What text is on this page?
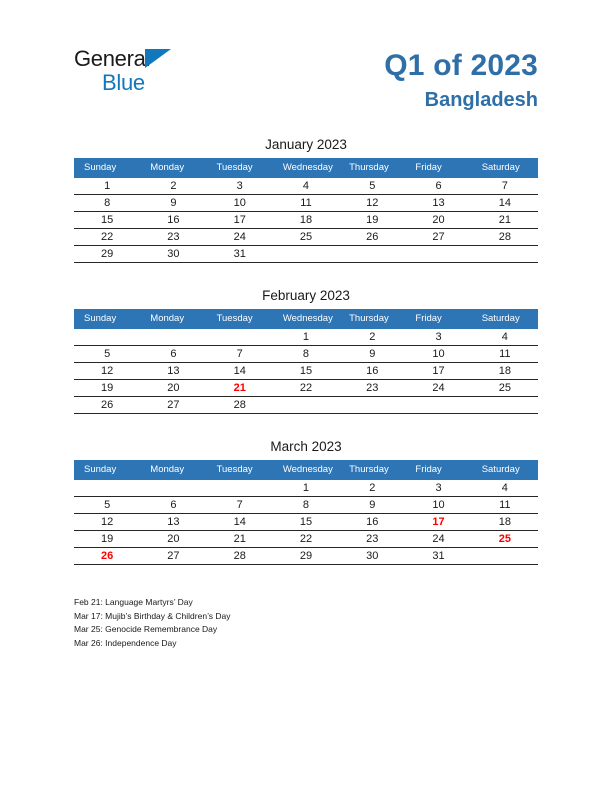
General
Blue
Q1 of 2023
Bangladesh
January 2023
Sunday	Monday	Tuesday	Wednesday	Thursday	Friday	Saturday
1	2	3	4	5	6	7
8	9	10	11	12	13	14
15	16	17	18	19	20	21
22	23	24	25	26	27	28
29	30	31				
February 2023
Sunday	Monday	Tuesday	Wednesday	Thursday	Friday	Saturday
			1	2	3	4
5	6	7	8	9	10	11
12	13	14	15	16	17	18
19	20	21	22	23	24	25
26	27	28				
March 2023
Sunday	Monday	Tuesday	Wednesday	Thursday	Friday	Saturday
			1	2	3	4
5	6	7	8	9	10	11
12	13	14	15	16	17	18
19	20	21	22	23	24	25
26	27	28	29	30	31	
Feb 21: Language Martyrs’ Day
Mar 17: Mujib’s Birthday & Children’s Day
Mar 25: Genocide Remembrance Day
Mar 26: Independence Day
